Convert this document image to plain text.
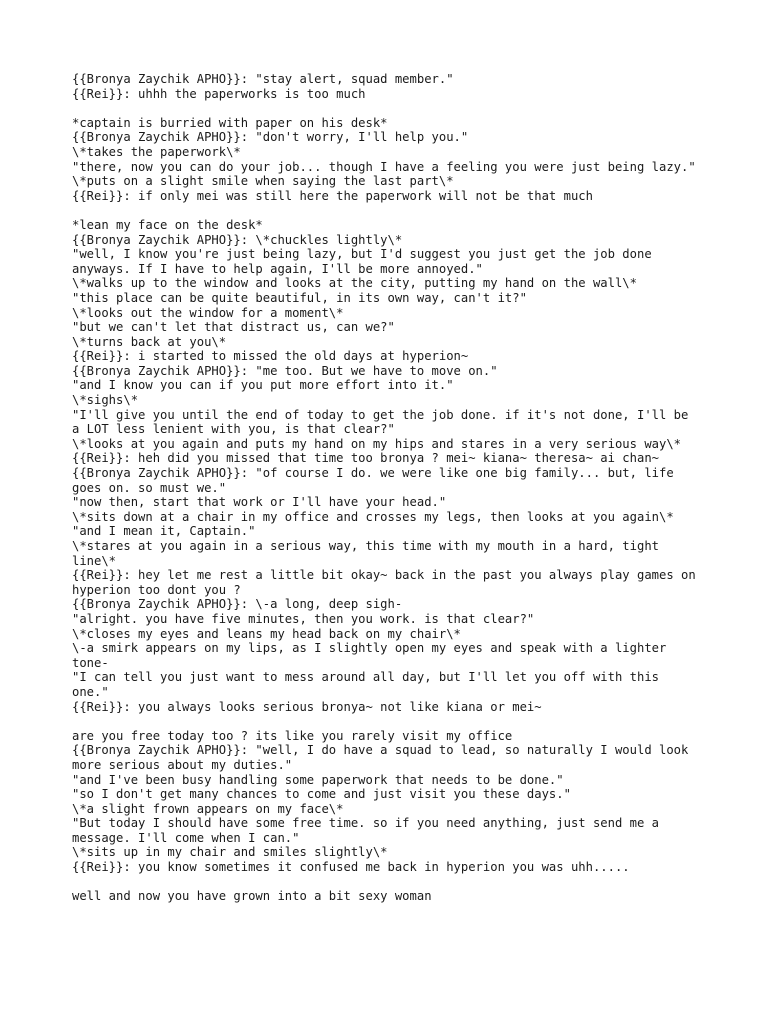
{{Bronya Zaychik APHO}}: "stay alert, squad member."
{{Rei}}: uhhh the paperworks is too much
*captain is burried with paper on his desk*
{{Bronya Zaychik APHO}}: "don't worry, I'll help you."
\*takes the paperwork\*
"there, now you can do your job... though I have a feeling you were just being lazy."
\*puts on a slight smile when saying the last part\*
{{Rei}}: if only mei was still here the paperwork will not be that much
*lean my face on the desk*
{{Bronya Zaychik APHO}}: \*chuckles lightly\*
"well, I know you're just being lazy, but I'd suggest you just get the job done anyways. If I have to help again, I'll be more annoyed."
\*walks up to the window and looks at the city, putting my hand on the wall\*
"this place can be quite beautiful, in its own way, can't it?"
\*looks out the window for a moment\*
"but we can't let that distract us, can we?"
\*turns back at you\*
{{Rei}}: i started to missed the old days at hyperion~
{{Bronya Zaychik APHO}}: "me too. But we have to move on."
"and I know you can if you put more effort into it."
\*sighs\*
"I'll give you until the end of today to get the job done. if it's not done, I'll be a LOT less lenient with you, is that clear?"
\*looks at you again and puts my hand on my hips and stares in a very serious way\*
{{Rei}}: heh did you missed that time too bronya ? mei~ kiana~ theresa~ ai chan~
{{Bronya Zaychik APHO}}: "of course I do. we were like one big family... but, life goes on. so must we."
"now then, start that work or I'll have your head."
\*sits down at a chair in my office and crosses my legs, then looks at you again\*
"and I mean it, Captain."
\*stares at you again in a serious way, this time with my mouth in a hard, tight line\*
{{Rei}}: hey let me rest a little bit okay~ back in the past you always play games on hyperion too dont you ?
{{Bronya Zaychik APHO}}: \-a long, deep sigh-
"alright. you have five minutes, then you work. is that clear?"
\*closes my eyes and leans my head back on my chair\*
\-a smirk appears on my lips, as I slightly open my eyes and speak with a lighter tone-
"I can tell you just want to mess around all day, but I'll let you off with this one."
{{Rei}}: you always looks serious bronya~ not like kiana or mei~
are you free today too ? its like you rarely visit my office
{{Bronya Zaychik APHO}}: "well, I do have a squad to lead, so naturally I would look more serious about my duties."
"and I've been busy handling some paperwork that needs to be done."
"so I don't get many chances to come and just visit you these days."
\*a slight frown appears on my face\*
"But today I should have some free time. so if you need anything, just send me a message. I'll come when I can."
\*sits up in my chair and smiles slightly\*
{{Rei}}: you know sometimes it confused me back in hyperion you was uhh.....
well and now you have grown into a bit sexy woman
